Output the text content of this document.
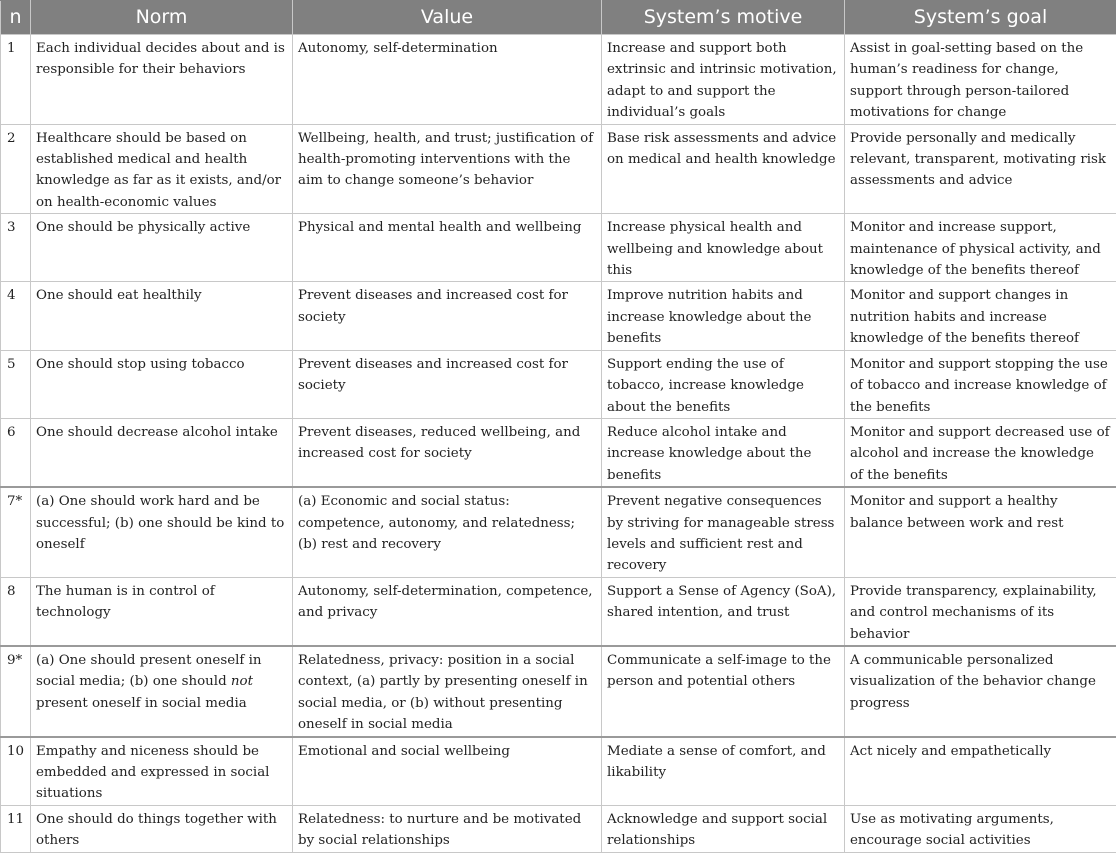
n	Norm	Value	System’s motive	System’s goal
1	Each individual decides about and is responsible for their behaviors	Autonomy, self-determination	Increase and support both extrinsic and intrinsic motivation, adapt to and support the individual’s goals	Assist in goal-setting based on the human’s readiness for change, support through person-tailored motivations for change
2	Healthcare should be based on established medical and health knowledge as far as it exists, and/or on health-economic values	Wellbeing, health, and trust; justification of health-promoting interventions with the aim to change someone’s behavior	Base risk assessments and advice on medical and health knowledge	Provide personally and medically relevant, transparent, motivating risk assessments and advice
3	One should be physically active	Physical and mental health and wellbeing	Increase physical health and wellbeing and knowledge about this	Monitor and increase support, maintenance of physical activity, and knowledge of the benefits thereof
4	One should eat healthily	Prevent diseases and increased cost for society	Improve nutrition habits and increase knowledge about the benefits	Monitor and support changes in nutrition habits and increase knowledge of the benefits thereof
5	One should stop using tobacco	Prevent diseases and increased cost for society	Support ending the use of tobacco, increase knowledge about the benefits	Monitor and support stopping the use of tobacco and increase knowledge of the benefits
6	One should decrease alcohol intake	Prevent diseases, reduced wellbeing, and increased cost for society	Reduce alcohol intake and increase knowledge about the benefits	Monitor and support decreased use of alcohol and increase the knowledge of the benefits
7*	(a) One should work hard and be successful; (b) one should be kind to oneself	(a) Economic and social status: competence, autonomy, and relatedness; (b) rest and recovery	Prevent negative consequences by striving for manageable stress levels and sufficient rest and recovery	Monitor and support a healthy balance between work and rest
8	The human is in control of technology	Autonomy, self-determination, competence, and privacy	Support a Sense of Agency (SoA), shared intention, and trust	Provide transparency, explainability, and control mechanisms of its behavior
9*	(a) One should present oneself in social media; (b) one should not present oneself in social media	Relatedness, privacy: position in a social context, (a) partly by presenting oneself in social media, or (b) without presenting oneself in social media	Communicate a self-image to the person and potential others	A communicable personalized visualization of the behavior change progress
10	Empathy and niceness should be embedded and expressed in social situations	Emotional and social wellbeing	Mediate a sense of comfort, and likability	Act nicely and empathetically
11	One should do things together with others	Relatedness: to nurture and be motivated by social relationships	Acknowledge and support social relationships	Use as motivating arguments, encourage social activities
